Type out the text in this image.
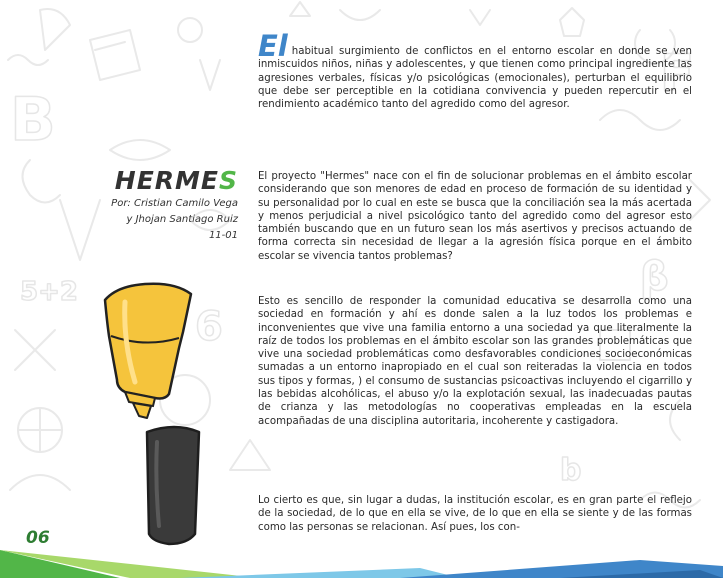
B
5+2
6
F
β
b

El habitual surgimiento de conflictos en el entorno escolar en donde se ven inmiscuidos niños, niñas y adolescentes, y que tienen como principal ingrediente las agresiones verbales, físicas y/o psicológicas (emocionales), perturban el equilibrio que debe ser perceptible en la cotidiana convivencia y pueden repercutir en el rendimiento académico tanto del agredido como del agresor.

HERMES
Por: Cristian Camilo Vega
y Jhojan Santiago Ruiz
11-01

El proyecto "Hermes" nace con el fin de solucionar problemas en el ámbito escolar considerando que son menores de edad en proceso de formación de su identidad y su personalidad por lo cual en este se busca que la conciliación sea la más acertada y menos perjudicial a nivel psicológico tanto del agredido como del agresor esto también buscando que en un futuro sean los más asertivos y precisos actuando de forma correcta sin necesidad de llegar a la agresión física porque en el ámbito escolar se vivencia tantos problemas?

Esto es sencillo de responder la comunidad educativa se desarrolla como una sociedad en formación y ahí es donde salen a la luz todos los problemas e inconvenientes que vive una familia entorno a una sociedad ya que literalmente la raíz de todos los problemas en el ámbito escolar son las grandes problemáticas que vive una sociedad problemáticas como desfavorables condiciones socioeconómicas sumadas a un entorno inapropiado en el cual son reiteradas la violencia en todos sus tipos y formas, ) el consumo de sustancias psicoactivas incluyendo el cigarrillo y las bebidas alcohólicas, el abuso y/o la explotación sexual, las inadecuadas pautas de crianza y las metodologías no cooperativas empleadas en la escuela acompañadas de una disciplina autoritaria, incoherente y castigadora.

Lo cierto es que, sin lugar a dudas, la institución escolar, es en gran parte el reflejo de la sociedad, de lo que en ella se vive, de lo que en ella se siente y de las formas como las personas se relacionan. Así pues, los con-

06
